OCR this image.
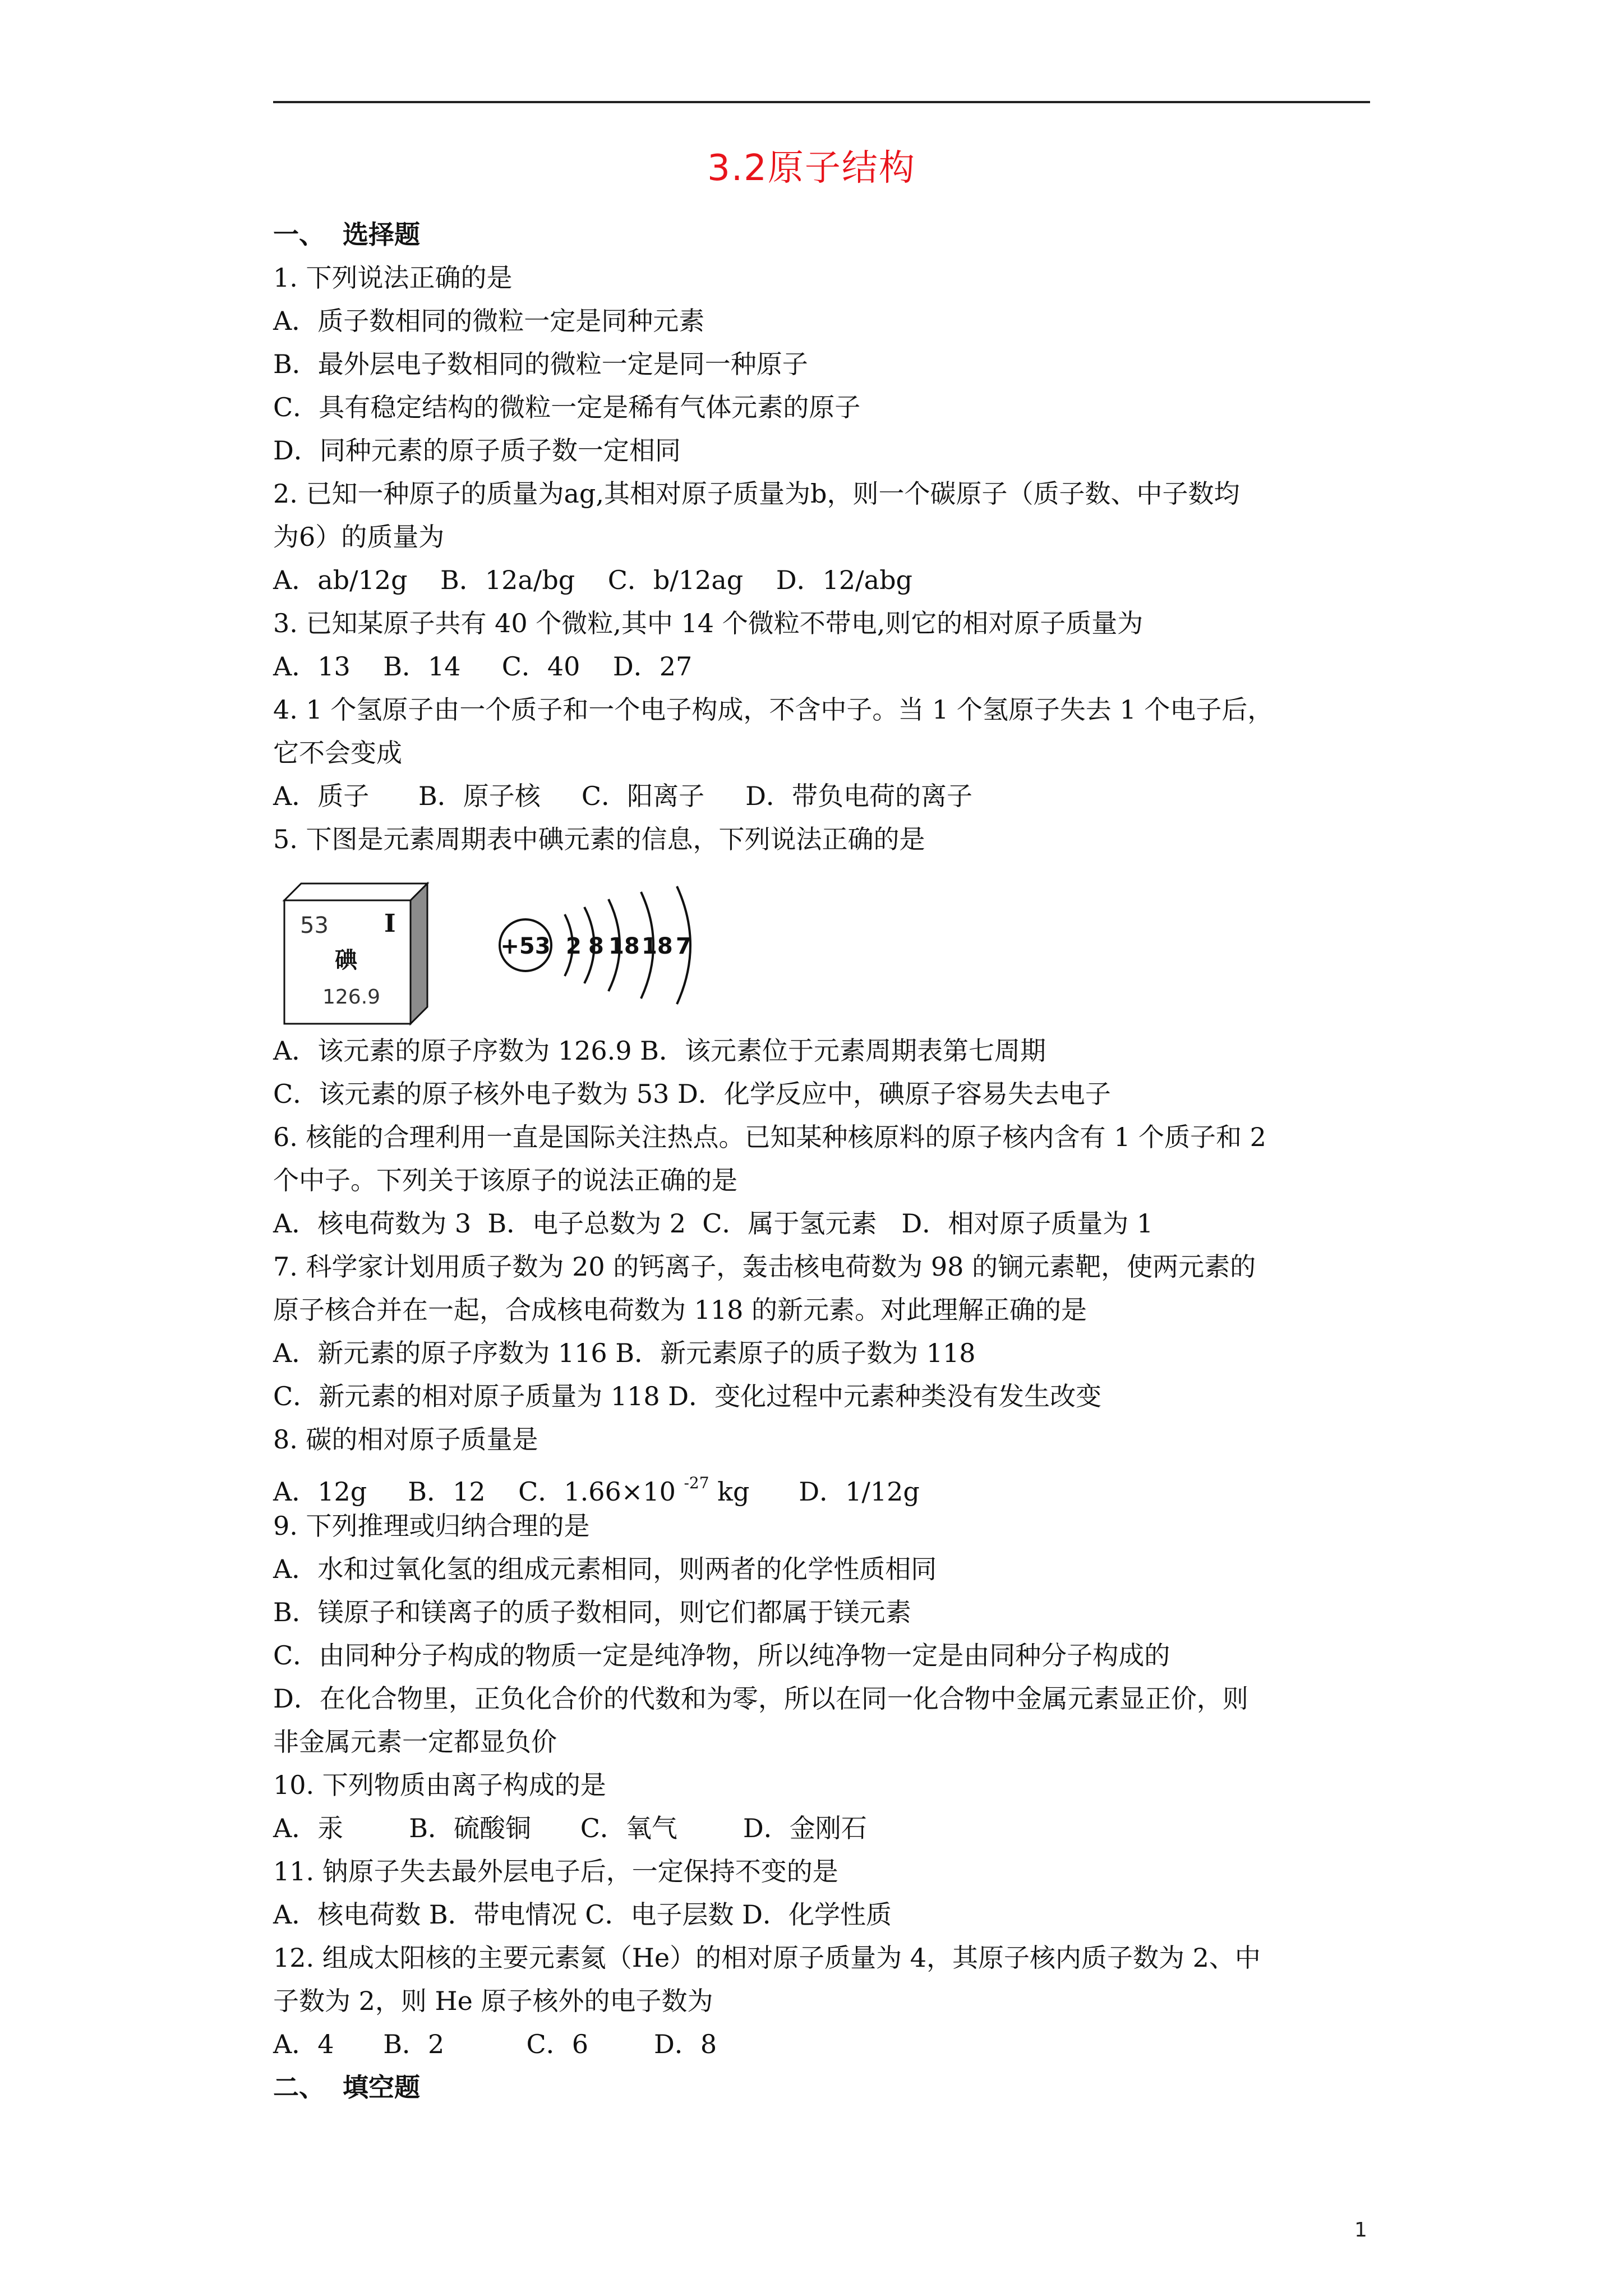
3.2原子结构
一、  选择题
1. 下列说法正确的是
A．质子数相同的微粒一定是同种元素
B．最外层电子数相同的微粒一定是同一种原子
C．具有稳定结构的微粒一定是稀有气体元素的原子
D．同种元素的原子质子数一定相同
2. 已知一种原子的质量为ag,其相对原子质量为b，则一个碳原子（质子数、中子数均
为6）的质量为
A．ab/12g    B．12a/bg    C．b/12ag    D．12/abg
3. 已知某原子共有 40 个微粒,其中 14 个微粒不带电,则它的相对原子质量为
A．13    B．14     C．40    D．27
4. 1 个氢原子由一个质子和一个电子构成，不含中子。当 1 个氢原子失去 1 个电子后，
它不会变成
A．质子      B．原子核     C．阳离子     D．带负电荷的离子
5. 下图是元素周期表中碘元素的信息，下列说法正确的是
53 I
碘
126.9
+53 2 8 18 18 7
A．该元素的原子序数为 126.9 B．该元素位于元素周期表第七周期
C．该元素的原子核外电子数为 53 D．化学反应中，碘原子容易失去电子
6. 核能的合理利用一直是国际关注热点。已知某种核原料的原子核内含有 1 个质子和 2
个中子。下列关于该原子的说法正确的是
A．核电荷数为 3  B．电子总数为 2  C．属于氢元素   D．相对原子质量为 1
7. 科学家计划用质子数为 20 的钙离子，轰击核电荷数为 98 的锎元素靶，使两元素的
原子核合并在一起，合成核电荷数为 118 的新元素。对此理解正确的是
A．新元素的原子序数为 116 B．新元素原子的质子数为 118
C．新元素的相对原子质量为 118 D．变化过程中元素种类没有发生改变
8. 碳的相对原子质量是
A．12g     B．12    C．1.66×10 $^{-27}$ kg      D．1/12g
9. 下列推理或归纳合理的是
A．水和过氧化氢的组成元素相同，则两者的化学性质相同
B．镁原子和镁离子的质子数相同，则它们都属于镁元素
C．由同种分子构成的物质一定是纯净物，所以纯净物一定是由同种分子构成的
D．在化合物里，正负化合价的代数和为零，所以在同一化合物中金属元素显正价，则
非金属元素一定都显负价
10. 下列物质由离子构成的是
A．汞        B．硫酸铜      C．氧气        D．金刚石
11. 钠原子失去最外层电子后，一定保持不变的是
A．核电荷数 B．带电情况 C．电子层数 D．化学性质
12. 组成太阳核的主要元素氦（He）的相对原子质量为 4，其原子核内质子数为 2、中
子数为 2，则 He 原子核外的电子数为
A．4      B．2          C．6        D．8
二、  填空题
1
